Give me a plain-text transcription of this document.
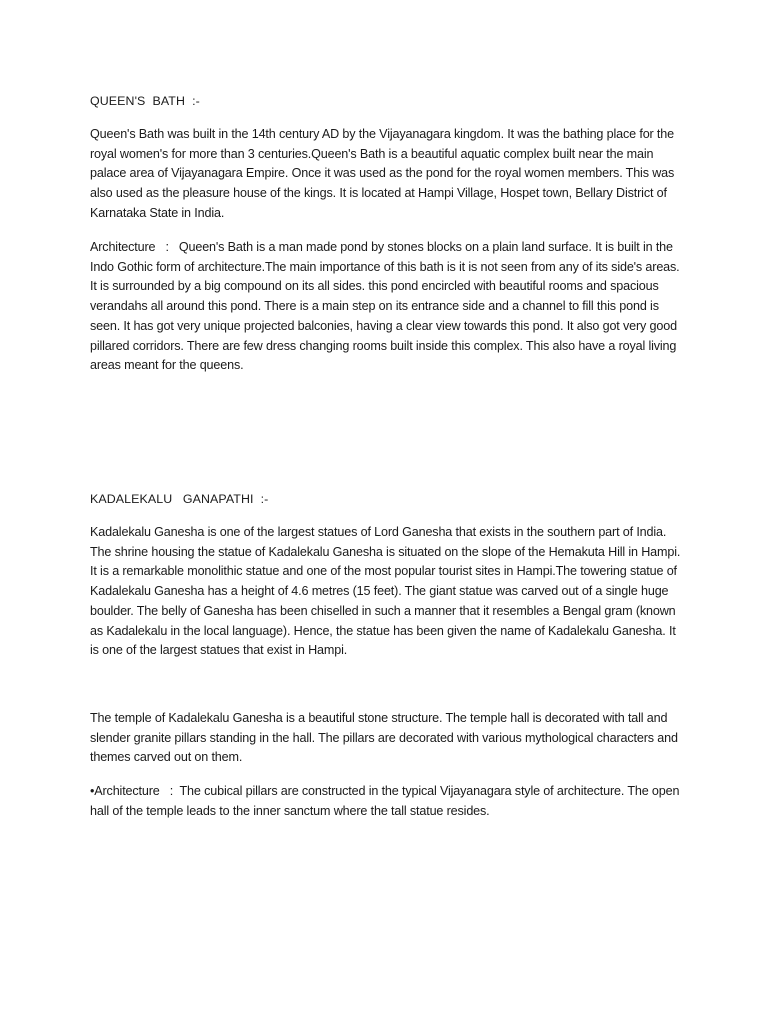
QUEEN'S  BATH  :-

Queen's Bath was built in the 14th century AD by the Vijayanagara kingdom. It was the bathing place for the royal women's for more than 3 centuries.Queen's Bath is a beautiful aquatic complex built near the main palace area of Vijayanagara Empire. Once it was used as the pond for the royal women members. This was also used as the pleasure house of the kings. It is located at Hampi Village, Hospet town, Bellary District of Karnataka State in India.

Architecture   :   Queen's Bath is a man made pond by stones blocks on a plain land surface. It is built in the Indo Gothic form of architecture.The main importance of this bath is it is not seen from any of its side's areas. It is surrounded by a big compound on its all sides. this pond encircled with beautiful rooms and spacious verandahs all around this pond. There is a main step on its entrance side and a channel to fill this pond is seen. It has got very unique projected balconies, having a clear view towards this pond. It also got very good pillared corridors. There are few dress changing rooms built inside this complex. This also have a royal living areas meant for the queens.

KADALEKALU   GANAPATHI  :-

Kadalekalu Ganesha is one of the largest statues of Lord Ganesha that exists in the southern part of India. The shrine housing the statue of Kadalekalu Ganesha is situated on the slope of the Hemakuta Hill in Hampi. It is a remarkable monolithic statue and one of the most popular tourist sites in Hampi.The towering statue of Kadalekalu Ganesha has a height of 4.6 metres (15 feet). The giant statue was carved out of a single huge boulder. The belly of Ganesha has been chiselled in such a manner that it resembles a Bengal gram (known as Kadalekalu in the local language). Hence, the statue has been given the name of Kadalekalu Ganesha. It is one of the largest statues that exist in Hampi.

The temple of Kadalekalu Ganesha is a beautiful stone structure. The temple hall is decorated with tall and slender granite pillars standing in the hall. The pillars are decorated with various mythological characters and themes carved out on them.

•Architecture   :  The cubical pillars are constructed in the typical Vijayanagara style of architecture. The open hall of the temple leads to the inner sanctum where the tall statue resides.
